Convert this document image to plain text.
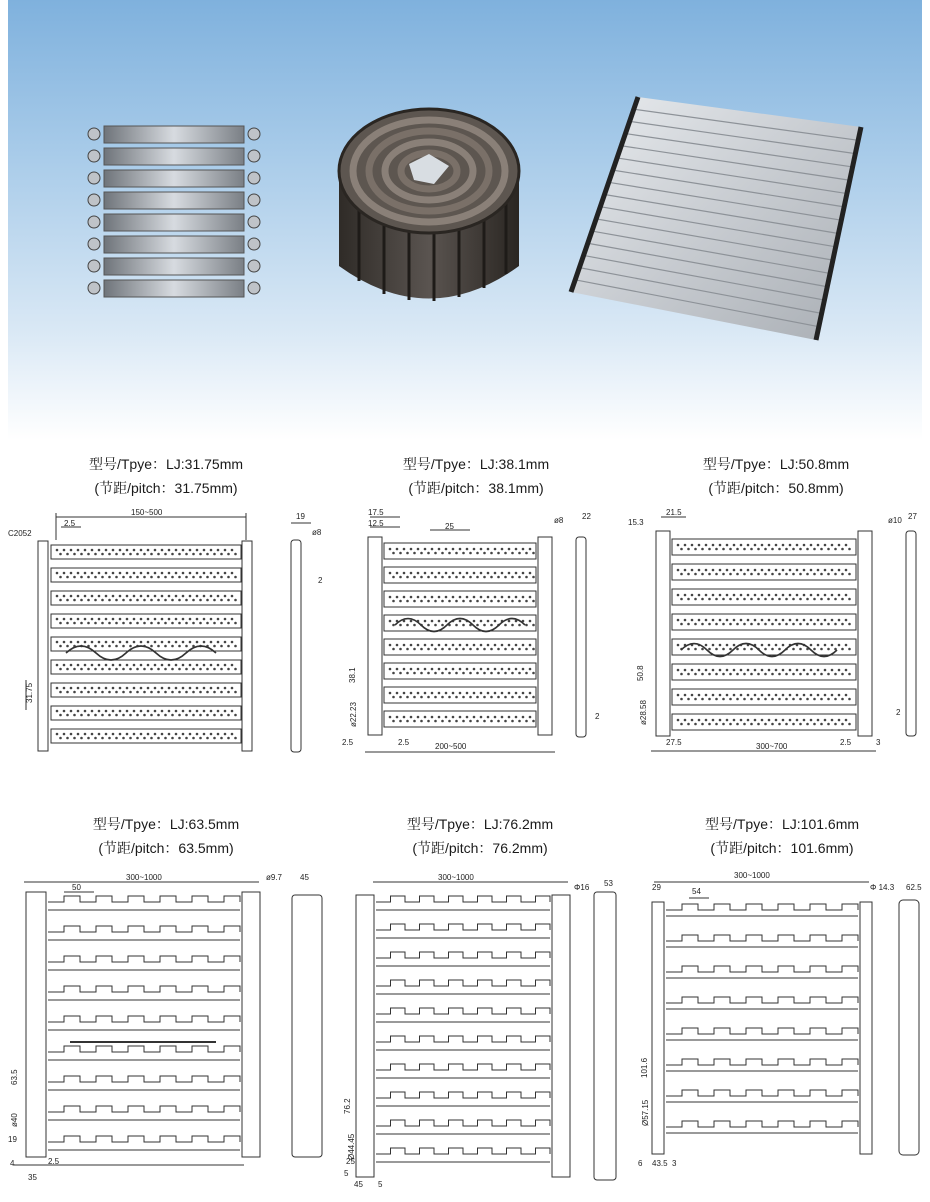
型号/Tpye：LJ:31.75mm
(节距/pitch：31.75mm)
型号/Tpye：LJ:38.1mm
(节距/pitch：38.1mm)
型号/Tpye：LJ:50.8mm
(节距/pitch：50.8mm)
型号/Tpye：LJ:63.5mm
(节距/pitch：63.5mm)
型号/Tpye：LJ:76.2mm
(节距/pitch：76.2mm)
型号/Tpye：LJ:101.6mm
(节距/pitch：101.6mm)
150~500
2.5
C2052
31.75
19
ø8
2
17.5
12.5	25
38.1
ø22.23
2.5	2.5	200~500
ø8 22
2
15.3
21.5
50.8
ø28.58
27.5	300~700	2.5	3
ø10 27
2
300~1000
50
ø9.7 45
63.5
ø40
19
4	2.5
35
300~1000
Φ16 53
76.2
Ø44.45
25
5
45 5
300~1000
29	54	Φ 14.3 62.5
101.6
Ø57.15
6 43.5 3
